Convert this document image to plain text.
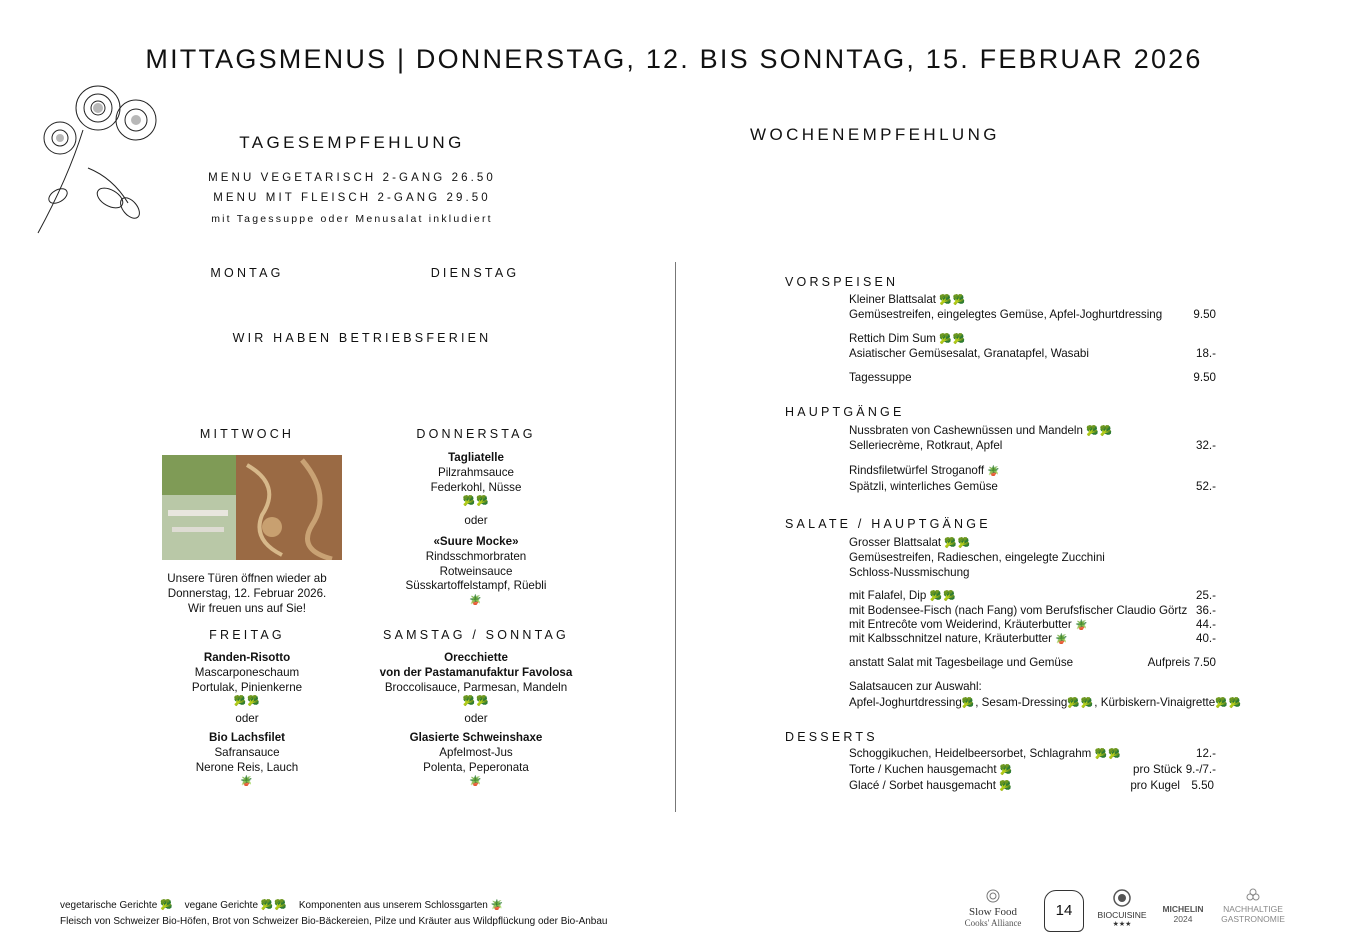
MITTAGSMENUS | DONNERSTAG, 12. BIS SONNTAG, 15. FEBRUAR 2026
TAGESEMPFEHLUNG
MENU VEGETARISCH 2-GANG 26.50
MENU MIT FLEISCH 2-GANG 29.50
mit Tagessuppe oder Menusalat inkludiert
MONTAG	DIENSTAG
WIR HABEN BETRIEBSFERIEN
MITTWOCH
Unsere Türen öffnen wieder ab
Donnerstag, 12. Februar 2026.
Wir freuen uns auf Sie!
DONNERSTAG
Tagliatelle
Pilzrahmsauce
Federkohl, Nüsse
🥦🥦
oder
«Suure Mocke»
Rindsschmorbraten
Rotweinsauce
Süsskartoffelstampf, Rüebli
🪴
FREITAG
Randen-Risotto
Mascarponeschaum
Portulak, Pinienkerne
🥦🥦
oder
Bio Lachsfilet
Safransauce
Nerone Reis, Lauch
🪴
SAMSTAG / SONNTAG
Orecchiette
von der Pastamanufaktur Favolosa
Broccolisauce, Parmesan, Mandeln
🥦🥦
oder
Glasierte Schweinshaxe
Apfelmost-Jus
Polenta, Peperonata
🪴
WOCHENEMPFEHLUNG
VORSPEISEN
Kleiner Blattsalat 🥦🥦
Gemüsestreifen, eingelegtes Gemüse, Apfel-Joghurtdressing	9.50
Rettich Dim Sum 🥦🥦
Asiatischer Gemüsesalat, Granatapfel, Wasabi	18.-
Tagessuppe	9.50
HAUPTGÄNGE
Nussbraten von Cashewnüssen und Mandeln 🥦🥦
Selleriecrème, Rotkraut, Apfel	32.-
Rindsfiletwürfel Stroganoff 🪴
Spätzli, winterliches Gemüse	52.-
SALATE / HAUPTGÄNGE
Grosser Blattsalat 🥦🥦
Gemüsestreifen, Radieschen, eingelegte Zucchini
Schloss-Nussmischung
mit Falafel, Dip 🥦🥦	25.-
mit Bodensee-Fisch (nach Fang) vom Berufsfischer Claudio Görtz 36.-
mit Entrecôte vom Weiderind, Kräuterbutter 🪴	44.-
mit Kalbsschnitzel nature, Kräuterbutter 🪴	40.-
anstatt Salat mit Tagesbeilage und Gemüse	Aufpreis 7.50
Salatsaucen zur Auswahl:
Apfel-Joghurtdressing🥦, Sesam-Dressing🥦🥦, Kürbiskern-Vinaigrette🥦🥦
DESSERTS
Schoggikuchen, Heidelbeersorbet, Schlagrahm 🥦🥦	12.-
Torte / Kuchen hausgemacht 🥦	pro Stück 9.-/7.-
Glacé / Sorbet hausgemacht 🥦	pro Kugel 5.50
vegetarische Gerichte 🥦 vegane Gerichte 🥦🥦 Komponenten aus unserem Schlossgarten 🪴
Fleisch von Schweizer Bio-Höfen, Brot von Schweizer Bio-Bäckereien, Pilze und Kräuter aus Wildpflückung oder Bio-Anbau
Slow Food
Cooks' Alliance
14	BIOCUISINE
★★★
MICHELIN
2024
NACHHALTIGE
GASTRONOMIE
